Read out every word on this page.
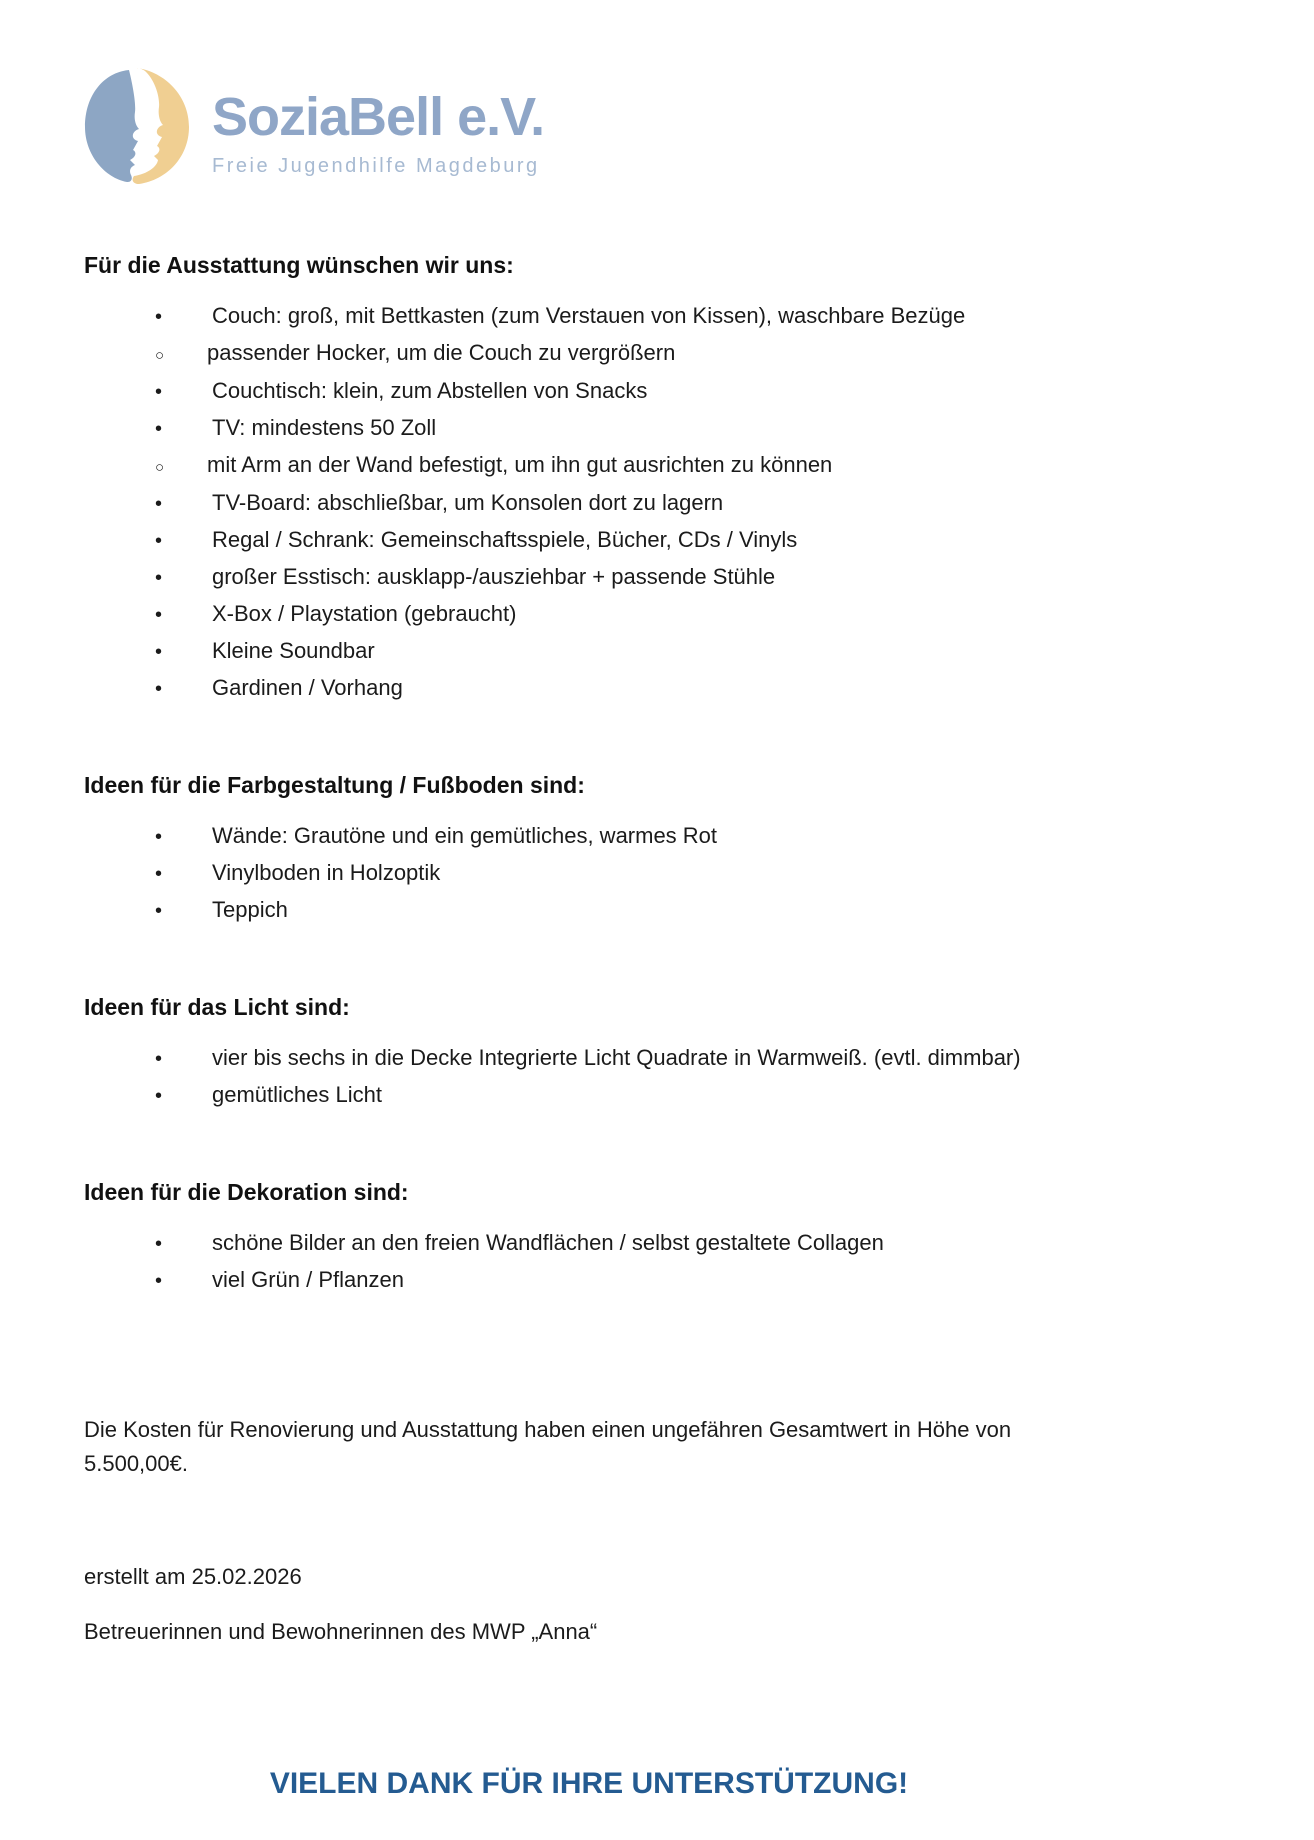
SoziaBell e.V.
Freie Jugendhilfe Magdeburg
Für die Ausstattung wünschen wir uns:
•	Couch: groß, mit Bettkasten (zum Verstauen von Kissen), waschbare Bezüge
○	passender Hocker, um die Couch zu vergrößern
•	Couchtisch: klein, zum Abstellen von Snacks
•	TV: mindestens 50 Zoll
○	mit Arm an der Wand befestigt, um ihn gut ausrichten zu können
•	TV-Board: abschließbar, um Konsolen dort zu lagern
•	Regal / Schrank: Gemeinschaftsspiele, Bücher, CDs / Vinyls
•	großer Esstisch: ausklapp-/ausziehbar + passende Stühle
•	X-Box / Playstation (gebraucht)
•	Kleine Soundbar
•	Gardinen / Vorhang
Ideen für die Farbgestaltung / Fußboden sind:
•	Wände: Grautöne und ein gemütliches, warmes Rot
•	Vinylboden in Holzoptik
•	Teppich
Ideen für das Licht sind:
•	vier bis sechs in die Decke Integrierte Licht Quadrate in Warmweiß. (evtl. dimmbar)
•	gemütliches Licht
Ideen für die Dekoration sind:
•	schöne Bilder an den freien Wandflächen / selbst gestaltete Collagen
•	viel Grün / Pflanzen

Die Kosten für Renovierung und Ausstattung haben einen ungefähren Gesamtwert in Höhe von
5.500,00€.

erstellt am 25.02.2026

Betreuerinnen und Bewohnerinnen des MWP „Anna“

VIELEN DANK FÜR IHRE UNTERSTÜTZUNG!
